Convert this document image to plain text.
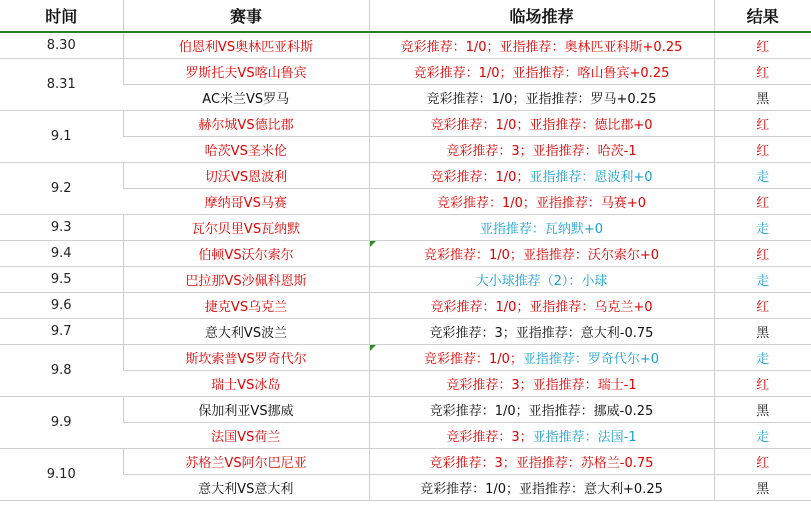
时间	赛事	临场推荐	结果
8.30	伯恩利VS奥林匹亚科斯	竞彩推荐：1/0；亚指推荐：奥林匹亚科斯+0.25	红
8.31	罗斯托夫VS喀山鲁宾	竞彩推荐：1/0；亚指推荐：喀山鲁宾+0.25	红
	AC米兰VS罗马	竞彩推荐：1/0；亚指推荐：罗马+0.25	黑
9.1	赫尔城VS德比郡	竞彩推荐：1/0；亚指推荐：德比郡+0	红
	哈茨VS圣米伦	竞彩推荐：3；亚指推荐：哈茨-1	红
9.2	切沃VS恩波利	竞彩推荐：1/0；亚指推荐：恩波利+0	走
	摩纳哥VS马赛	竞彩推荐：1/0；亚指推荐：马赛+0	红
9.3	瓦尔贝里VS瓦纳默	亚指推荐：瓦纳默+0	走
9.4	伯顿VS沃尔索尔	竞彩推荐：1/0；亚指推荐：沃尔索尔+0	红
9.5	巴拉那VS沙佩科恩斯	大小球推荐（2）：小球	走
9.6	捷克VS乌克兰	竞彩推荐：1/0；亚指推荐：乌克兰+0	红
9.7	意大利VS波兰	竞彩推荐：3；亚指推荐：意大利-0.75	黑
9.8	斯坎索普VS罗奇代尔	竞彩推荐：1/0；亚指推荐：罗奇代尔+0	走
	瑞士VS冰岛	竞彩推荐：3；亚指推荐：瑞士-1	红
9.9	保加利亚VS挪威	竞彩推荐：1/0；亚指推荐：挪威-0.25	黑
	法国VS荷兰	竞彩推荐：3；亚指推荐：法国-1	走
9.10	苏格兰VS阿尔巴尼亚	竞彩推荐：3；亚指推荐：苏格兰-0.75	红
	意大利VS意大利	竞彩推荐：1/0；亚指推荐：意大利+0.25	黑
